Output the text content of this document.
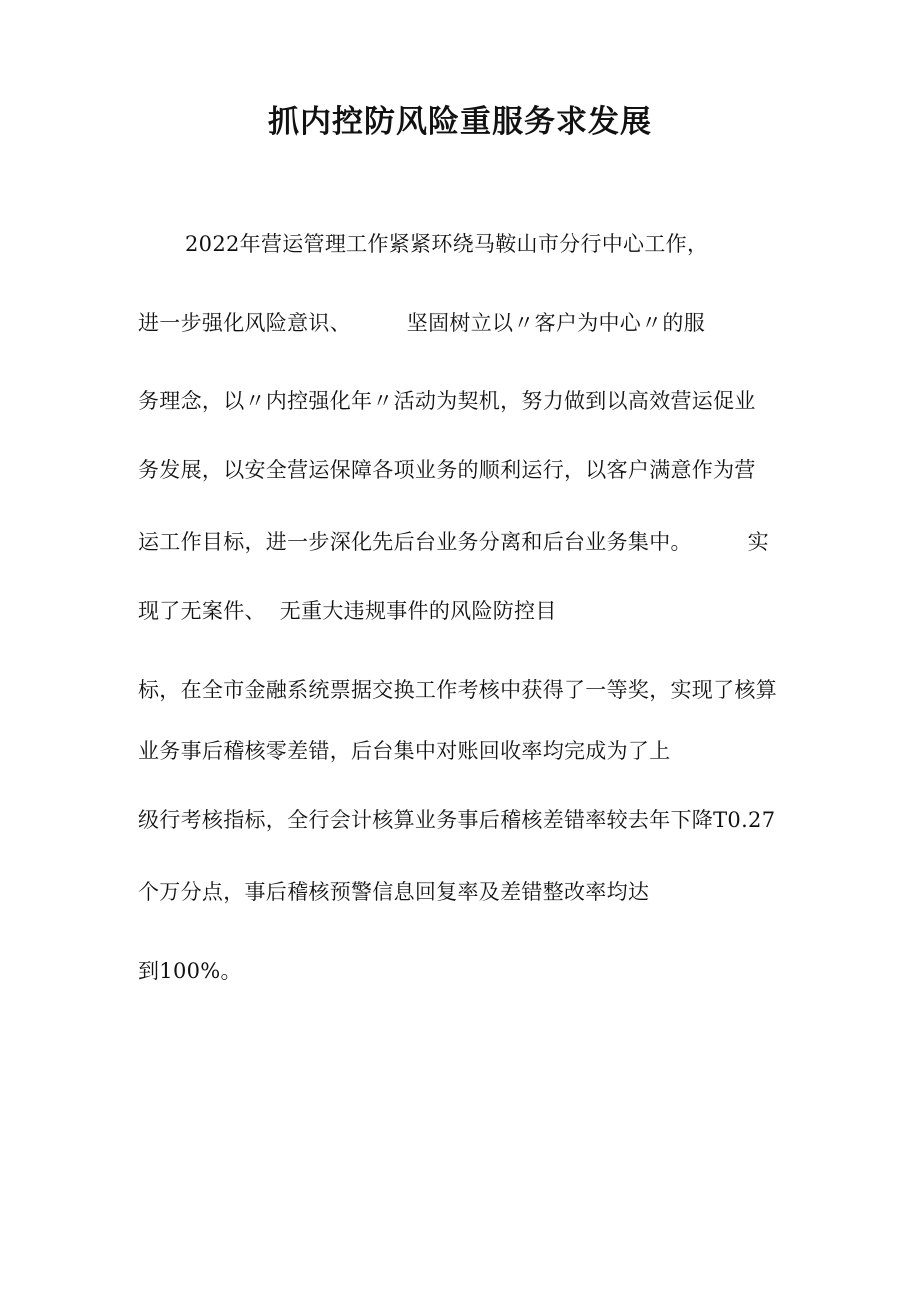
抓内控防风险重服务求发展
2022年营运管理工作紧紧环绕马鞍山市分行中心工作，
进一步强化风险意识、        坚固树立以〃客户为中心〃的服
务理念，以〃内控强化年〃活动为契机，努力做到以高效营运促业
务发展，以安全营运保障各项业务的顺利运行，以客户满意作为营
运工作目标，进一步深化先后台业务分离和后台业务集中。        实
现了无案件、  无重大违规事件的风险防控目
标，在全市金融系统票据交换工作考核中获得了一等奖，实现了核算
业务事后稽核零差错，后台集中对账回收率均完成为了上
级行考核指标，全行会计核算业务事后稽核差错率较去年下降T0.27
个万分点，事后稽核预警信息回复率及差错整改率均达
到100%。
